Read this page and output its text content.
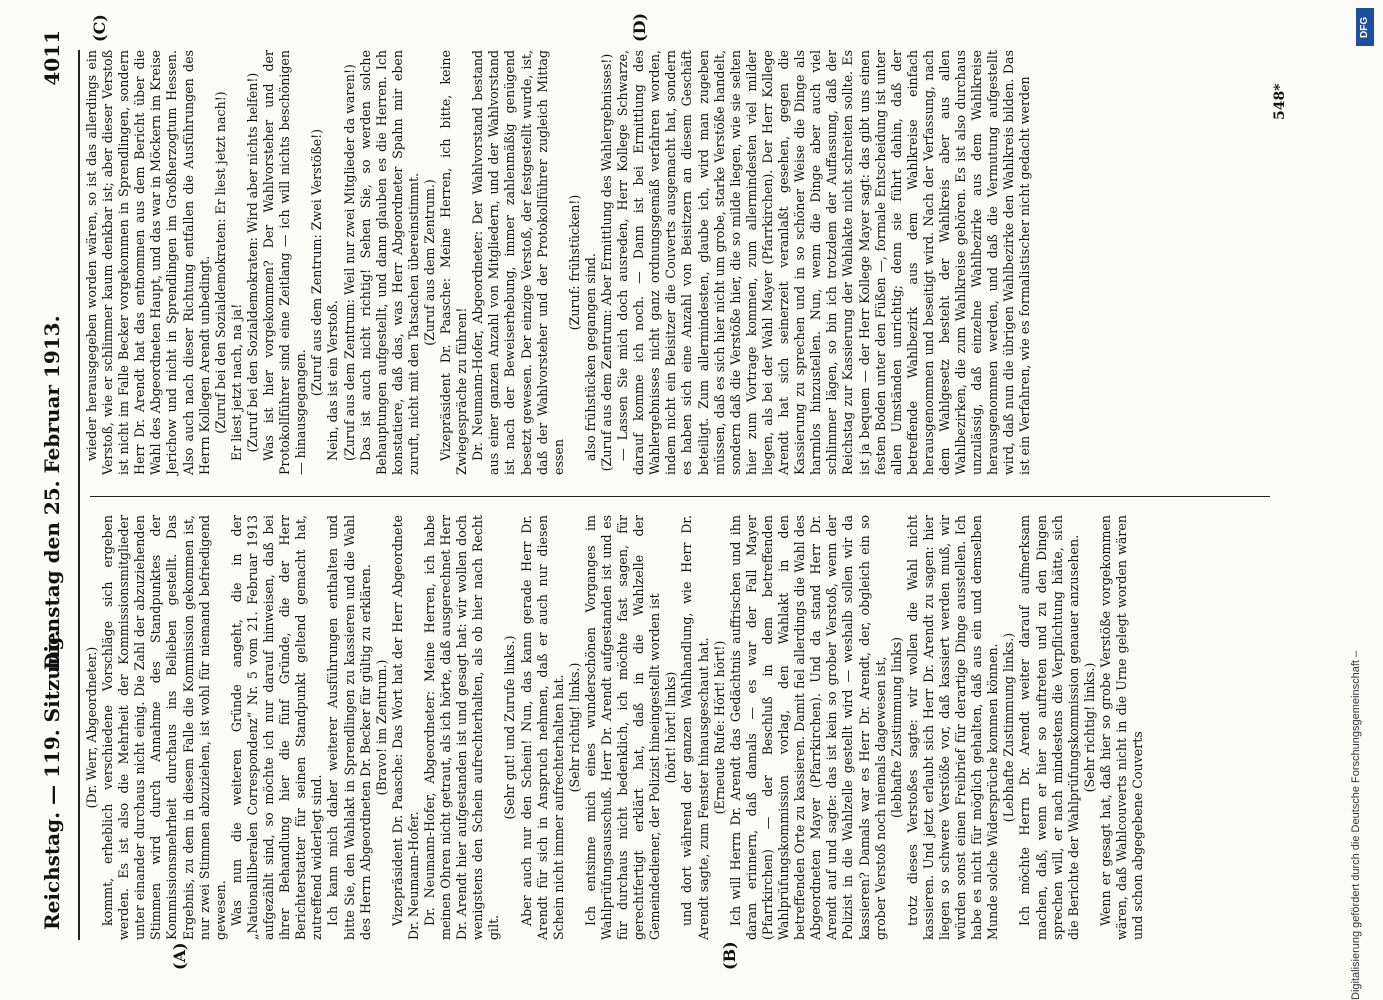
Reichstag. — 119. Sitzung.
Dienstag den 25. Februar 1913.
4011
(A)	(B)
(C)	(D)

(Dr. Werr, Abgeordneter.) kommt, erheblich verschiedene Vorschläge sich ergeben werden. Es ist also die Mehrheit der Kommissionsmitglieder unter einander durchaus nicht einig. Die Zahl der abzuziehenden Stimmen wird durch Annahme des Standpunktes der Kommissionsmehrheit durchaus ins Belieben gestellt. Das Ergebnis, zu dem in diesem Falle die Kommission gekommen ist, nur zwei Stimmen abzuziehen, ist wohl für niemand befriedigend gewesen. Was nun die weiteren Gründe angeht, die in der „Nationalliberalen Correspondenz“ Nr. 5 vom 21. Februar 1913 aufgezählt sind, so möchte ich nur darauf hinweisen, daß bei ihrer Behandlung hier die fünf Gründe, die der Herr Berichterstatter für seinen Standpunkt geltend gemacht hat, zutreffend widerlegt sind. Ich kann mich daher weiterer Ausführungen enthalten und bitte Sie, den Wahlakt in Sprendlingen zu kassieren und die Wahl des Herrn Abgeordneten Dr. Becker für gültig zu erklären. (Bravo! im Zentrum.) Vizepräsident Dr. Paasche: Das Wort hat der Herr Abgeordnete Dr. Neumann-Hofer. Dr. Neumann-Hofer, Abgeordneter: Meine Herren, ich habe meinen Ohren nicht getraut, als ich hörte, daß ausgerechnet Herr Dr. Arendt hier aufgestanden ist und gesagt hat: wir wollen doch wenigstens den Schein aufrechterhalten, als ob hier nach Recht gilt.

(Sehr gut! und Zurufe links.) Aber auch nur den Schein! Nun, das kann gerade Herr Dr. Arendt für sich in Anspruch nehmen, daß er auch nur diesen Schein nicht immer aufrechterhalten hat. (Sehr richtig! links.) Ich entsinne mich eines wunderschönen Vorganges im Wahlprüfungsausschuß. Herr Dr. Arendt aufgestanden ist und es für durchaus nicht bedenklich, ich möchte fast sagen, für gerechtfertigt erklärt hat, daß in die Wahlzelle der Gemeindediener, der Polizist hineingestellt worden ist (hört! hört! links) und dort während der ganzen Wahlhandlung, wie Herr Dr. Arendt sagte, zum Fenster hinausgeschaut hat. (Erneute Rufe: Hört! hört!) Ich will Herrn Dr. Arendt das Gedächtnis auffrischen und ihn daran erinnern, daß damals — es war der Fall Mayer (Pfarrkirchen) — der Beschluß in dem betreffenden Wahlprüfungskommission vorlag, den Wahlakt in den betreffenden Orte zu kassieren. Damit fiel allerdings die Wahl des Abgeordneten Mayer (Pfarrkirchen). Und da stand Herr Dr. Arendt auf und sagte: das ist kein so grober Verstoß, wenn der Polizist in die Wahlzelle gestellt wird — weshalb sollen wir da kassieren? Damals war es Herr Dr. Arendt, der, obgleich ein so grober Verstoß noch niemals dagewesen ist, (lebhafte Zustimmung links) trotz dieses Verstoßes sagte: wir wollen die Wahl nicht kassieren. Und jetzt erlaubt sich Herr Dr. Arendt zu sagen: hier liegen so schwere Verstöße vor, daß kassiert werden muß, wir würden sonst einen Freibrief für derartige Dinge ausstellen. Ich habe es nicht für möglich gehalten, daß aus ein und demselben Munde solche Widersprüche kommen können. (Lebhafte Zustimmung links.) Ich möchte Herrn Dr. Arendt weiter darauf aufmerksam machen, daß, wenn er hier so auftreten und zu den Dingen sprechen will, er nach mindestens die Verpflichtung hätte, sich die Berichte der Wahlprüfungskommission genauer anzusehen. (Sehr richtig! links.) Wenn er gesagt hat, daß hier so grobe Verstöße vorgekommen wären, daß Wahlcouverts nicht in die Urne gelegt worden wären und schon abgegebene Couverts

wieder herausgegeben worden wären, so ist das allerdings ein Verstoß, wie er schlimmer kaum denkbar ist; aber dieser Verstoß ist nicht im Falle Becker vorgekommen in Sprendlingen, sondern Herr Dr. Arendt hat das entnommen aus dem Bericht über die Wahl des Abgeordneten Haupt, und das war in Möckern im Kreise Jerichow und nicht in Sprendlingen im Großherzogtum Hessen. Also auch nach dieser Richtung entfallen die Ausführungen des Herrn Kollegen Arendt unbedingt. (Zuruf bei den Sozialdemokraten: Er liest jetzt nach!) Er liest jetzt nach, na ja! (Zuruf bei den Sozialdemokraten: Wird aber nichts helfen!) Was ist hier vorgekommen? Der Wahlvorsteher und der Protokollführer sind eine Zeitlang — ich will nichts beschönigen — hinausgegangen.

(Zuruf aus dem Zentrum: Zwei Verstöße!) Nein, das ist ein Verstoß. (Zuruf aus dem Zentrum: Weil nur zwei Mitglieder da waren!) Das ist auch nicht richtig! Sehen Sie, so werden solche Behauptungen aufgestellt, und dann glauben es die Herren. Ich konstatiere, daß das, was Herr Abgeordneter Spahn mir eben zuruft, nicht mit den Tatsachen übereinstimmt. (Zuruf aus dem Zentrum.) Vizepräsident Dr. Paasche: Meine Herren, ich bitte, keine Zwiegespräche zu führen! Dr. Neumann-Hofer, Abgeordneter: Der Wahlvorstand bestand aus einer ganzen Anzahl von Mitgliedern, und der Wahlvorstand ist nach der Beweiserhebung, immer zahlenmäßig genügend besetzt gewesen. Der einzige Verstoß, der festgestellt wurde, ist, daß der Wahlvorsteher und der Protokollführer zugleich Mittag essen

(Zuruf: frühstücken!) also frühstücken gegangen sind. (Zuruf aus dem Zentrum: Aber Ermittlung des Wahlergebnisses!) — Lassen Sie mich doch ausreden, Herr Kollege Schwarze, darauf komme ich noch. — Dann ist bei Ermittlung des Wahlergebnisses nicht ganz ordnungsgemäß verfahren worden, indem nicht ein Beisitzer die Couverts ausgemacht hat, sondern es haben sich eine Anzahl von Beisitzern an diesem Geschäft beteiligt. Zum allermindesten, glaube ich, wird man zugeben müssen, daß es sich hier nicht um grobe, starke Verstöße handelt, sondern daß die Verstöße hier, die so milde liegen, wie sie selten hier zum Vortrage kommen, zum allermindesten viel milder liegen, als bei der Wahl Mayer (Pfarrkirchen). Der Herr Kollege Arendt hat sich seinerzeit veranlaßt gesehen, gegen die Kassierung zu sprechen und in so schöner Weise die Dinge als harmlos hinzustellen. Nun, wenn die Dinge aber auch viel schlimmer lägen, so bin ich trotzdem der Auffassung, daß der Reichstag zur Kassierung der Wahlakte nicht schreiten sollte. Es ist ja bequem — der Herr Kollege Mayer sagt: das gibt uns einen festen Boden unter den Füßen —, formale Entscheidung ist unter allen Umständen unrichtig; denn sie führt dahin, daß der betreffende Wahlbezirk aus dem Wahlkreise einfach herausgenommen und beseitigt wird. Nach der Verfassung, nach dem Wahlgesetz besteht der Wahlkreis aber aus allen Wahlbezirken, die zum Wahlkreise gehören. Es ist also durchaus unzulässig, daß einzelne Wahlbezirke aus dem Wahlkreise herausgenommen werden, und daß die Vermutung aufgestellt wird, daß nun die übrigen Wahlbezirke den Wahlkreis bilden. Das ist ein Verfahren, wie es formalistischer nicht gedacht werden	548*
DFG
Digitalisierung gefördert durch die Deutsche Forschungsgemeinschaft –
